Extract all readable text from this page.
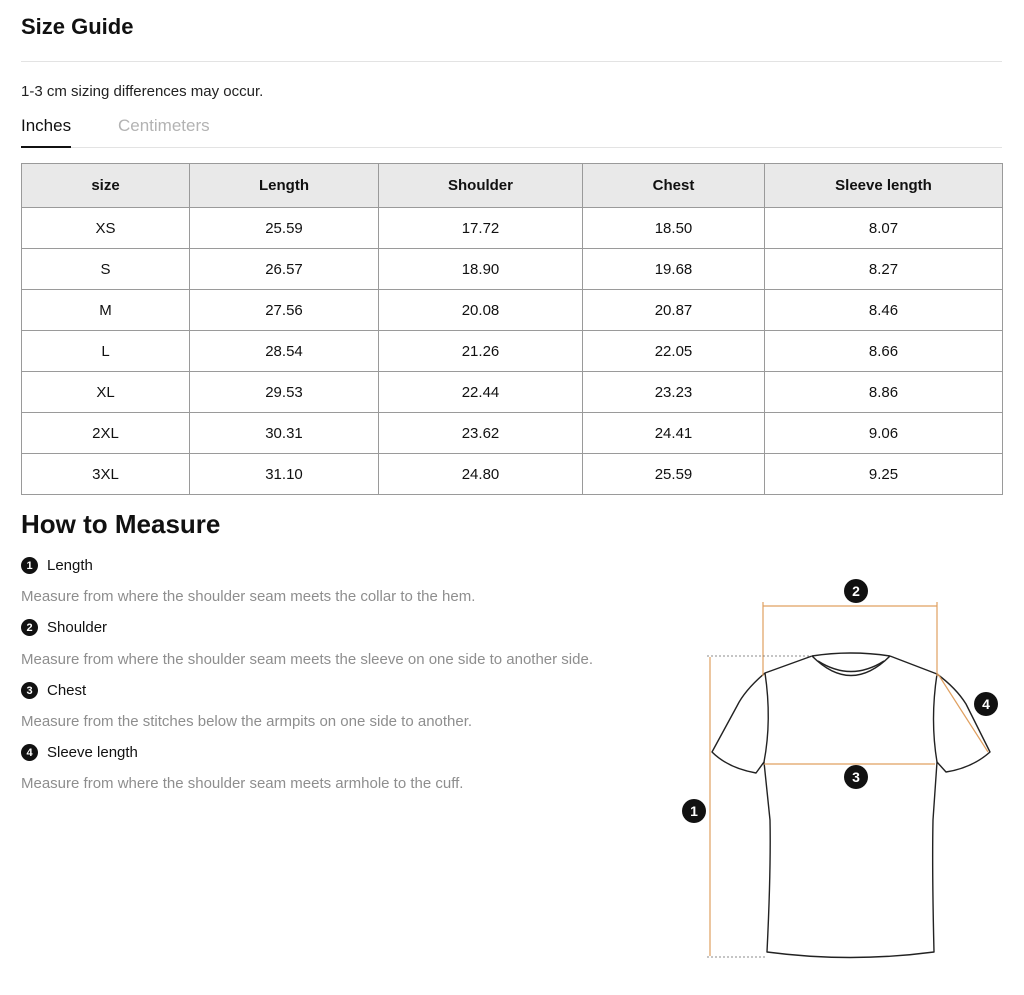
Size Guide
1-3 cm sizing differences may occur.
Inches	Centimeters
size	Length	Shoulder	Chest	Sleeve length
XS	25.59	17.72	18.50	8.07
S	26.57	18.90	19.68	8.27
M	27.56	20.08	20.87	8.46
L	28.54	21.26	22.05	8.66
XL	29.53	22.44	23.23	8.86
2XL	30.31	23.62	24.41	9.06
3XL	31.10	24.80	25.59	9.25
How to Measure
1 Length
Measure from where the shoulder seam meets the collar to the hem.
2 Shoulder
Measure from where the shoulder seam meets the sleeve on one side to another side.
3 Chest
Measure from the stitches below the armpits on one side to another.
4 Sleeve length
Measure from where the shoulder seam meets armhole to the cuff.
1
2
3
4
